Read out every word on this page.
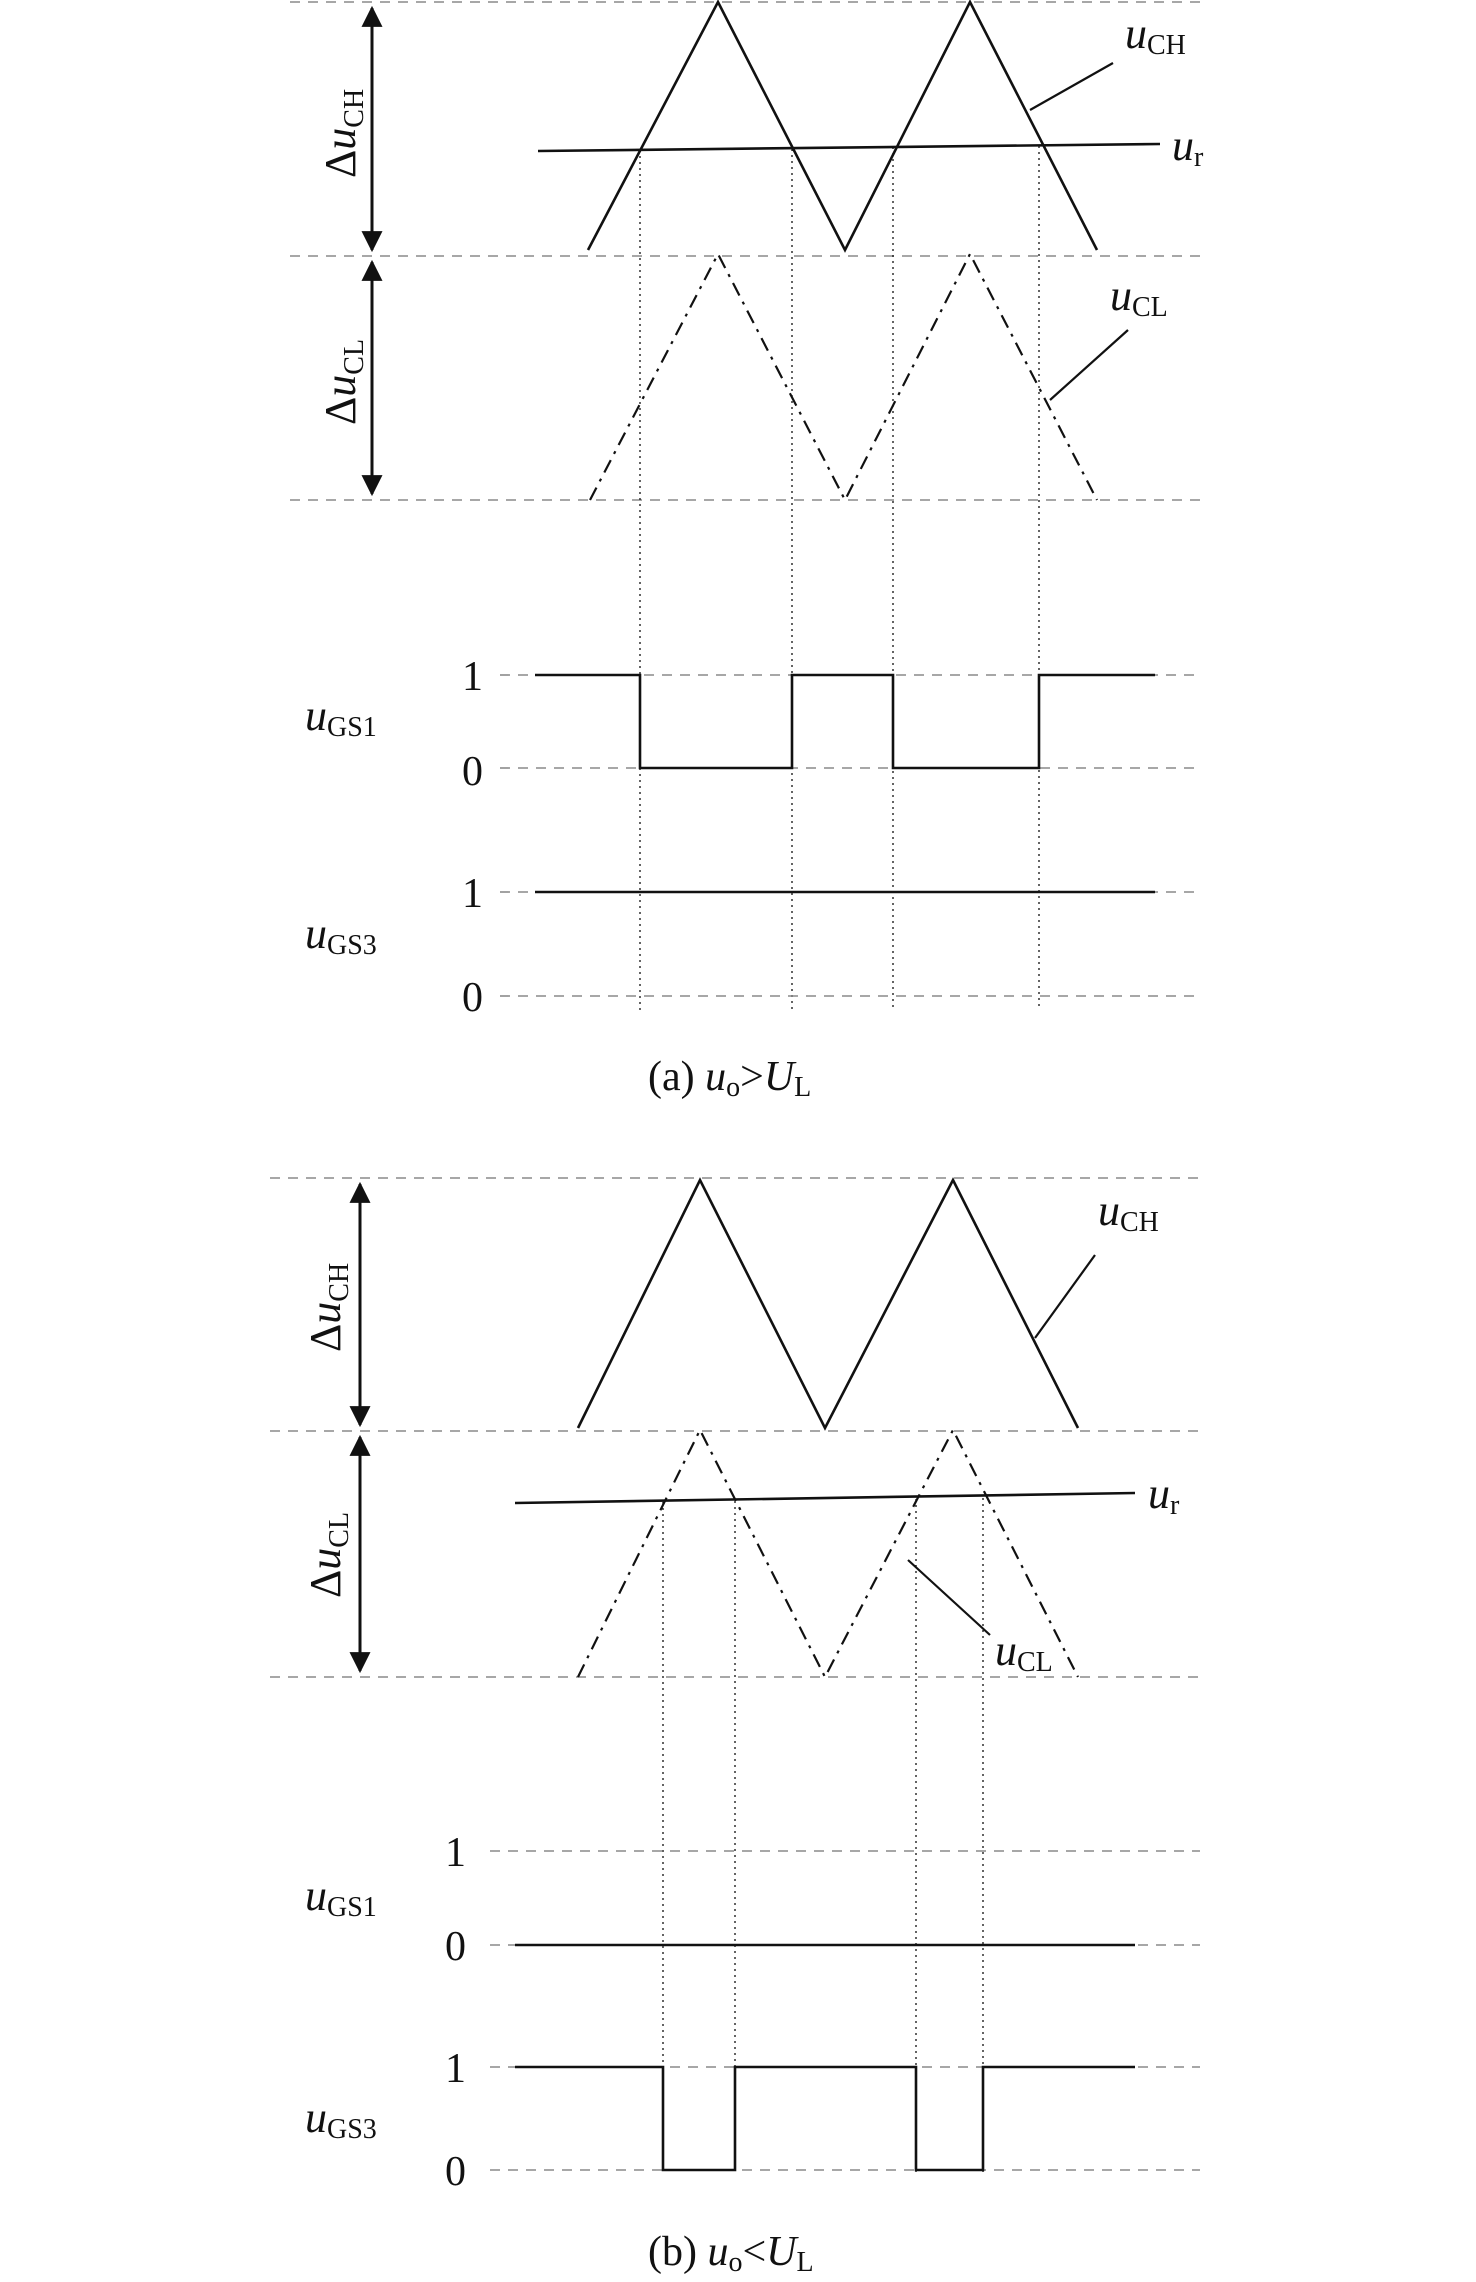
ΔuCH
ΔuCL
uCH
ur
uCL
1
0
uGS1
1
0
uGS3
(a) uo>UL
ΔuCH
ΔuCL
uCH
ur
uCL
1
0
uGS1
1
0
uGS3
(b) uo<UL
